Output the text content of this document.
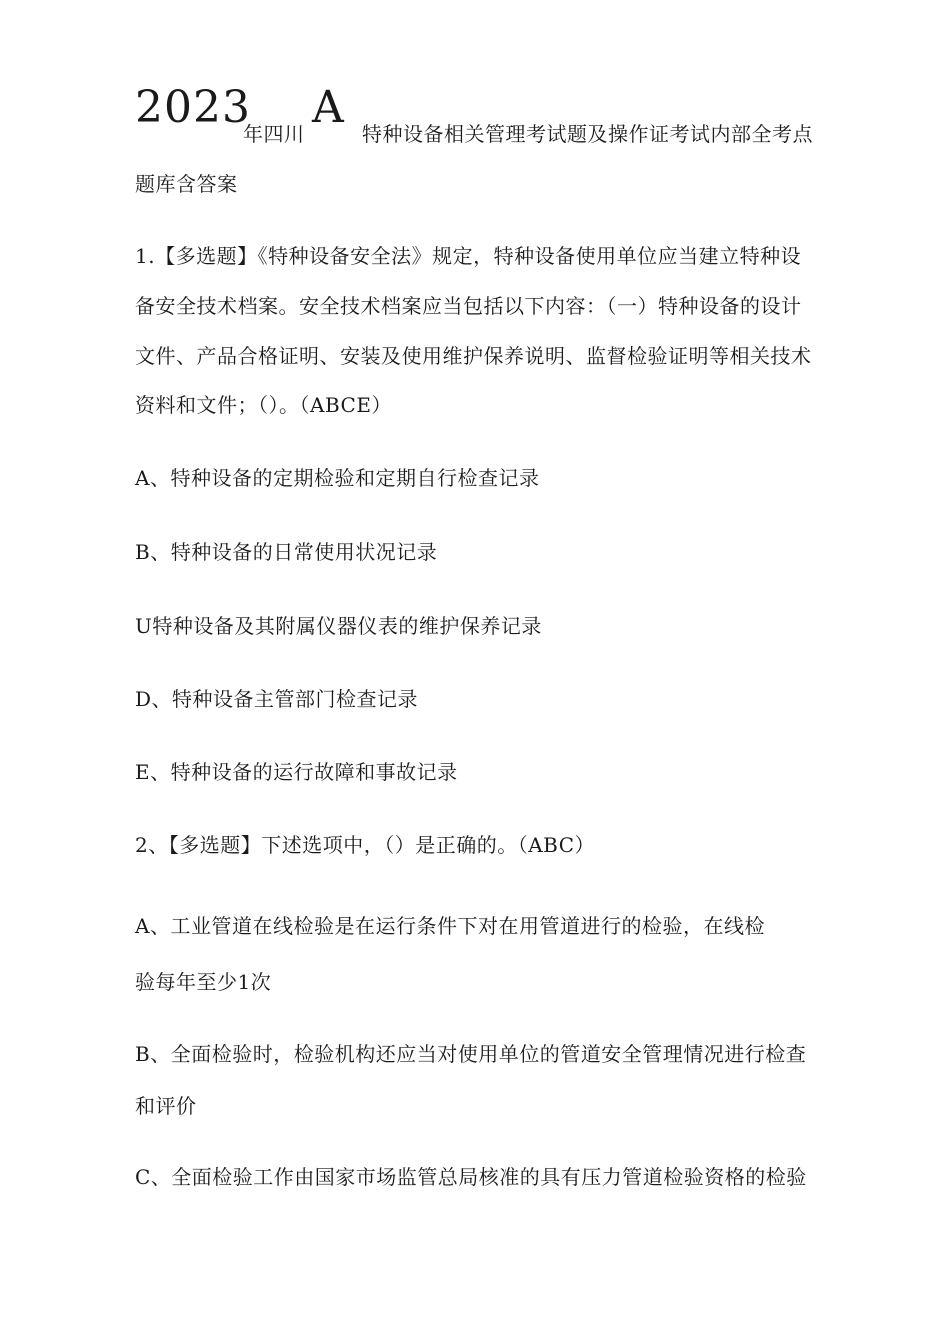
2023 A
年四川	特种设备相关管理考试题及操作证考试内部全考点
题库含答案
1.【多选题】《特种设备安全法》规定，特种设备使用单位应当建立特种设
备安全技术档案。安全技术档案应当包括以下内容：（一）特种设备的设计
文件、产品合格证明、安装及使用维护保养说明、监督检验证明等相关技术
资料和文件；（）。（ABCE）
A、特种设备的定期检验和定期自行检查记录
B、特种设备的日常使用状况记录
U特种设备及其附属仪器仪表的维护保养记录
D、特种设备主管部门检查记录
E、特种设备的运行故障和事故记录
2、【多选题】下述选项中，（）是正确的。（ABC）
A、工业管道在线检验是在运行条件下对在用管道进行的检验，在线检
验每年至少1次
B、全面检验时，检验机构还应当对使用单位的管道安全管理情况进行检查
和评价
C、全面检验工作由国家市场监管总局核准的具有压力管道检验资格的检验
